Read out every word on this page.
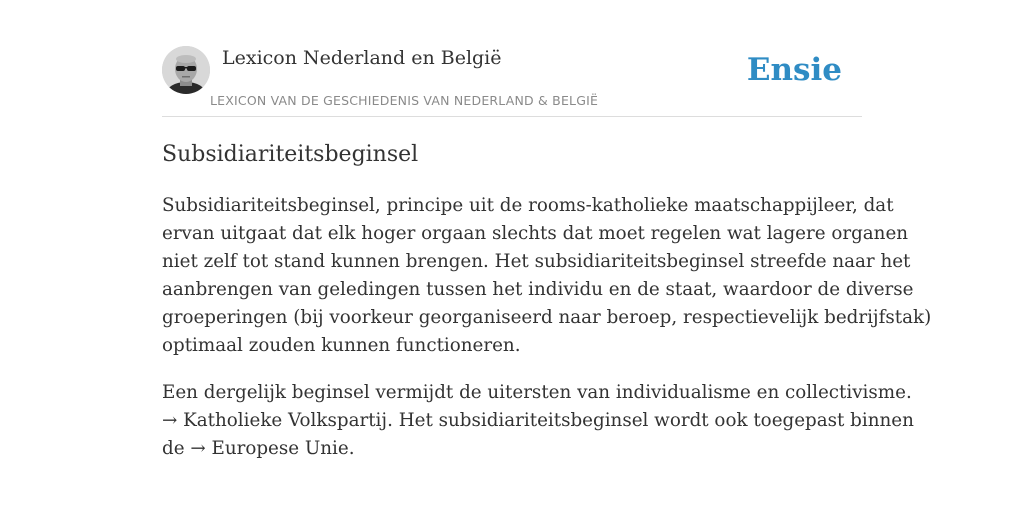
Lexicon Nederland en België
LEXICON VAN DE GESCHIEDENIS VAN NEDERLAND & BELGIË
Ensie
Subsidiariteitsbeginsel
Subsidiariteitsbeginsel, principe uit de rooms-katholieke maatschappijleer, dat
ervan uitgaat dat elk hoger orgaan slechts dat moet regelen wat lagere organen
niet zelf tot stand kunnen brengen. Het subsidiariteitsbeginsel streefde naar het
aanbrengen van geledingen tussen het individu en de staat, waardoor de diverse
groeperingen (bij voorkeur georganiseerd naar beroep, respectievelijk bedrijfstak)
optimaal zouden kunnen functioneren.
Een dergelijk beginsel vermijdt de uitersten van individualisme en collectivisme.
→ Katholieke Volkspartij. Het subsidiariteitsbeginsel wordt ook toegepast binnen
de → Europese Unie.
